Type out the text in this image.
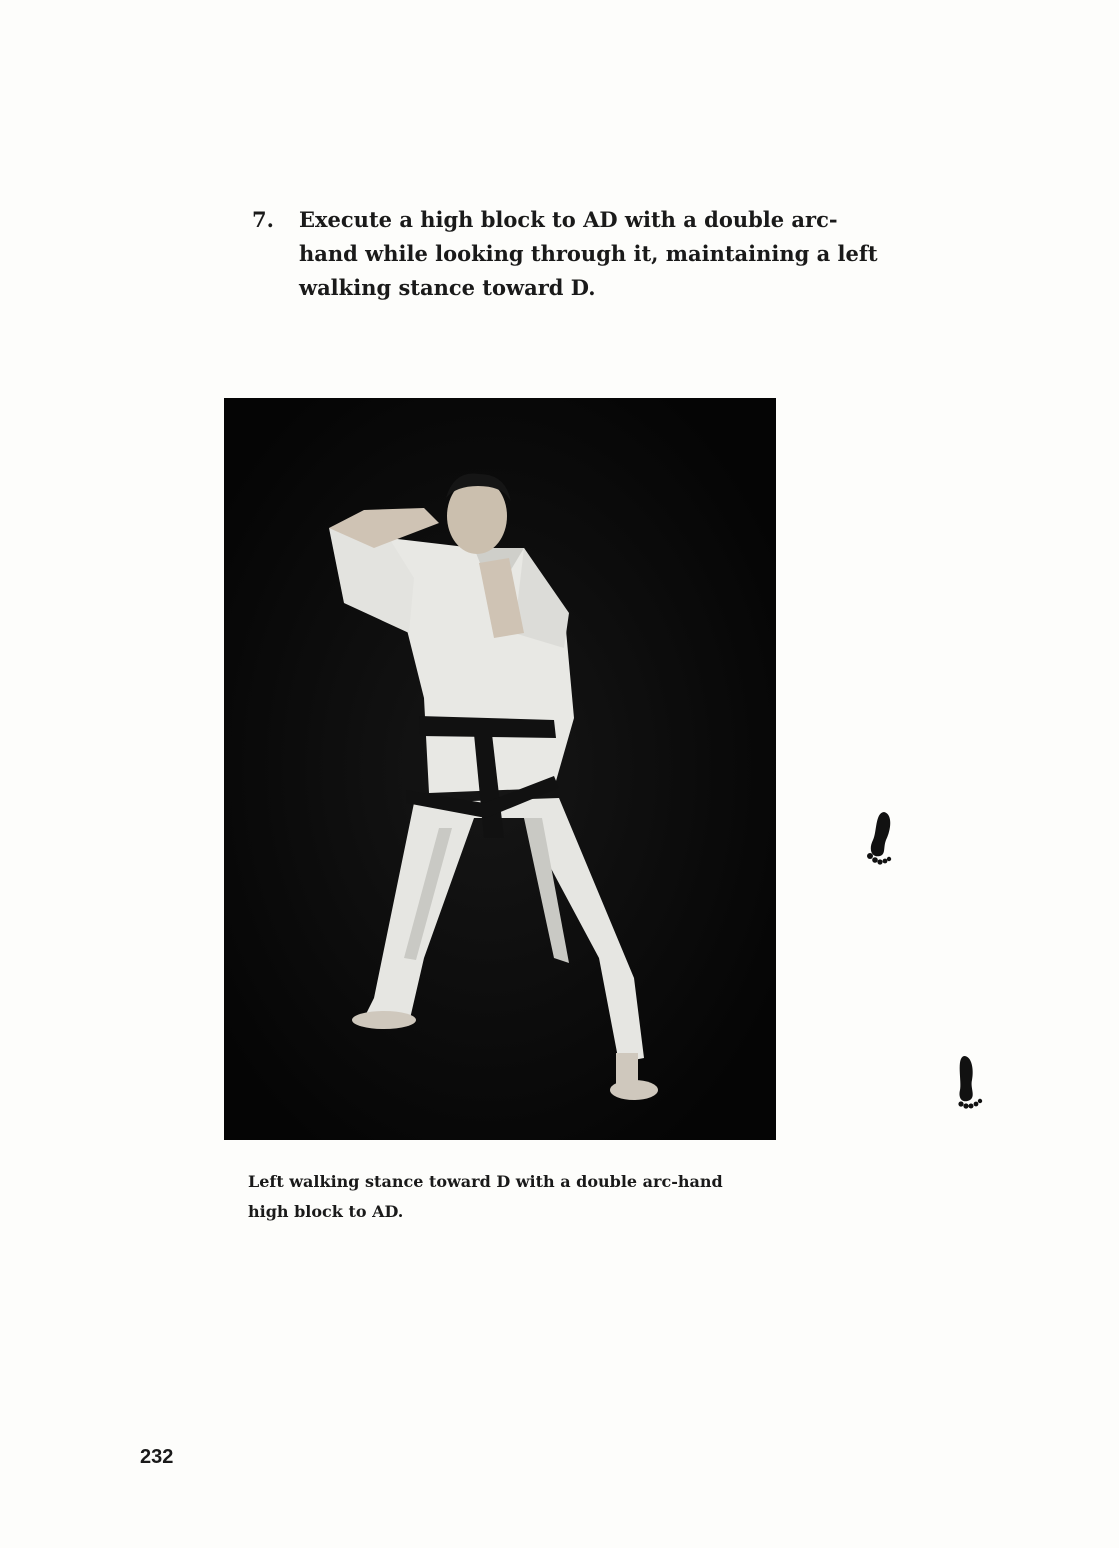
7.	Execute a high block to AD with a double arc-hand while looking through it, maintaining a left walking stance toward D.
Left walking stance toward D with a double arc-hand high block to AD.
232
